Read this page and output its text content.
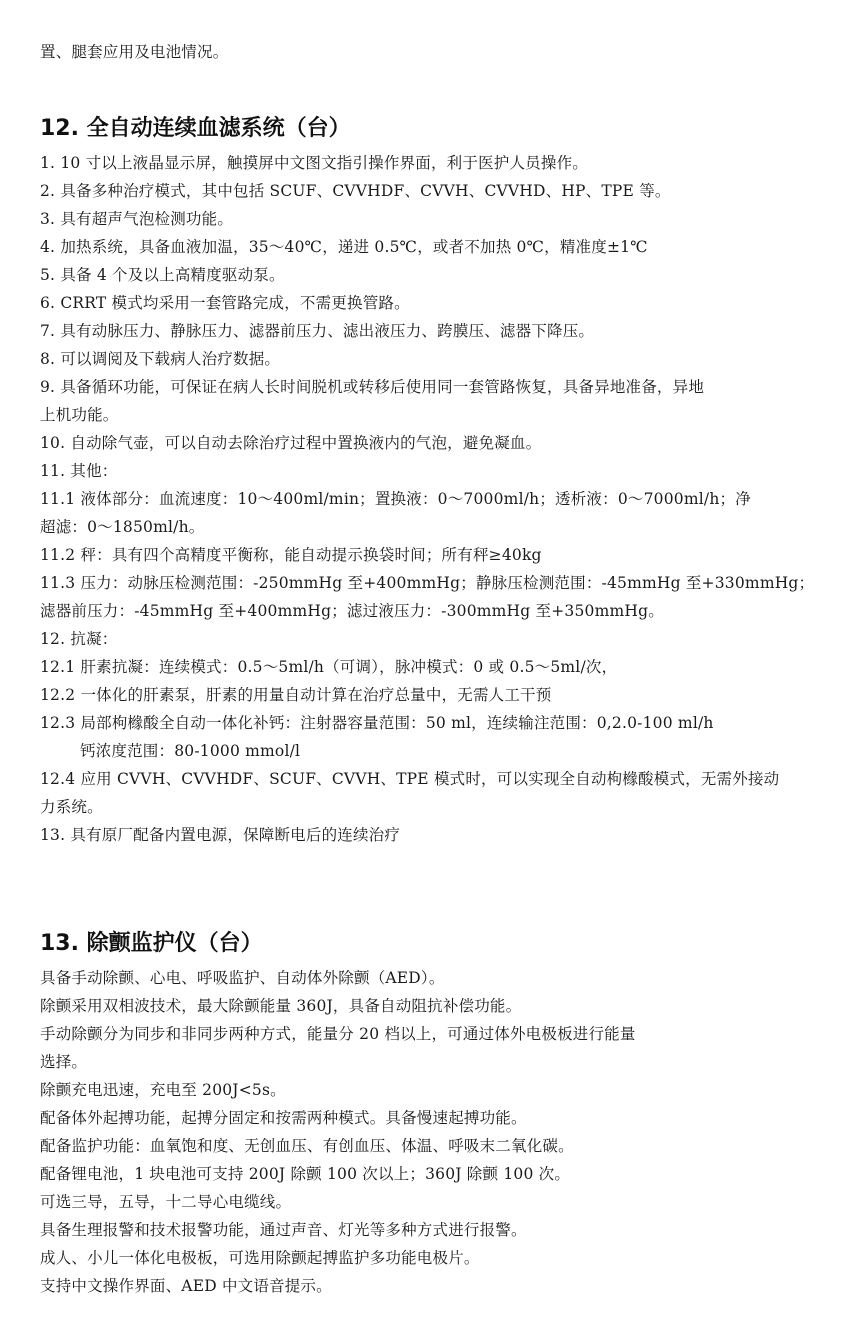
置、腿套应用及电池情况。
12. 全自动连续血滤系统（台）
1. 10 寸以上液晶显示屏，触摸屏中文图文指引操作界面，利于医护人员操作。
2. 具备多种治疗模式，其中包括 SCUF、CVVHDF、CVVH、CVVHD、HP、TPE 等。
3. 具有超声气泡检测功能。
4. 加热系统，具备血液加温，35～40℃，递进 0.5℃，或者不加热 0℃，精准度±1℃
5. 具备 4 个及以上高精度驱动泵。
6. CRRT 模式均采用一套管路完成，不需更换管路。
7. 具有动脉压力、静脉压力、滤器前压力、滤出液压力、跨膜压、滤器下降压。
8. 可以调阅及下载病人治疗数据。
9. 具备循环功能，可保证在病人长时间脱机或转移后使用同一套管路恢复，具备异地准备，异地
上机功能。
10. 自动除气壶，可以自动去除治疗过程中置换液内的气泡，避免凝血。
11. 其他：
11.1 液体部分：血流速度：10～400ml/min；置换液：0～7000ml/h；透析液：0～7000ml/h；净
超滤：0～1850ml/h。
11.2 秤：具有四个高精度平衡称，能自动提示换袋时间；所有秤≥40kg
11.3 压力：动脉压检测范围：-250mmHg 至+400mmHg；静脉压检测范围：-45mmHg 至+330mmHg；
滤器前压力：-45mmHg 至+400mmHg；滤过液压力：-300mmHg 至+350mmHg。
12. 抗凝：
12.1 肝素抗凝：连续模式：0.5～5ml/h（可调），脉冲模式：0 或 0.5～5ml/次，
12.2 一体化的肝素泵，肝素的用量自动计算在治疗总量中，无需人工干预
12.3 局部枸橼酸全自动一体化补钙：注射器容量范围：50 ml，连续输注范围：0,2.0-100 ml/h
钙浓度范围：80-1000 mmol/l
12.4 应用 CVVH、CVVHDF、SCUF、CVVH、TPE 模式时，可以实现全自动枸橼酸模式，无需外接动
力系统。
13. 具有原厂配备内置电源，保障断电后的连续治疗
13. 除颤监护仪（台）
具备手动除颤、心电、呼吸监护、自动体外除颤（AED）。
除颤采用双相波技术，最大除颤能量 360J，具备自动阻抗补偿功能。
手动除颤分为同步和非同步两种方式，能量分 20 档以上，可通过体外电极板进行能量
选择。
除颤充电迅速，充电至 200J<5s。
配备体外起搏功能，起搏分固定和按需两种模式。具备慢速起搏功能。
配备监护功能：血氧饱和度、无创血压、有创血压、体温、呼吸末二氧化碳。
配备锂电池，1 块电池可支持 200J 除颤 100 次以上；360J 除颤 100 次。
可选三导，五导，十二导心电缆线。
具备生理报警和技术报警功能，通过声音、灯光等多种方式进行报警。
成人、小儿一体化电极板，可选用除颤起搏监护多功能电极片。
支持中文操作界面、AED 中文语音提示。
